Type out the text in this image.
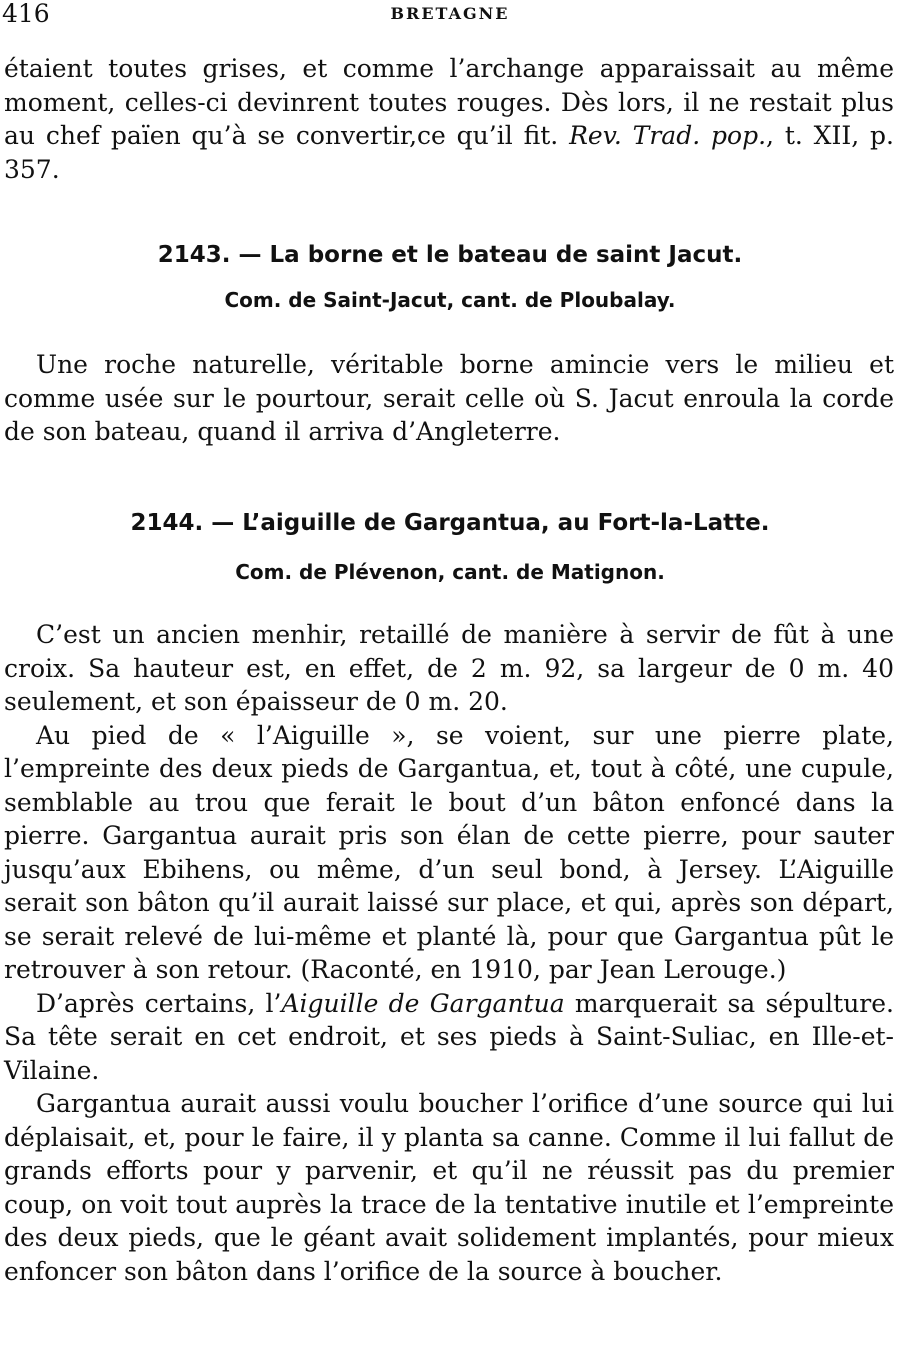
416	BRETAGNE

étaient toutes grises, et comme l’archange apparaissait au même moment, celles-ci devinrent toutes rouges. Dès lors, il ne restait plus au chef païen qu’à se convertir,ce qu’il fit. Rev. Trad. pop., t. XII, p. 357.

2143. — La borne et le bateau de saint Jacut.
Com. de Saint-Jacut, cant. de Ploubalay.

Une roche naturelle, véritable borne amincie vers le milieu et comme usée sur le pourtour, serait celle où S. Jacut enroula la corde de son bateau, quand il arriva d’Angleterre.

2144. — L’aiguille de Gargantua, au Fort-la-Latte.
Com. de Plévenon, cant. de Matignon.

C’est un ancien menhir, retaillé de manière à servir de fût à une croix. Sa hauteur est, en effet, de 2 m. 92, sa largeur de 0 m. 40 seulement, et son épaisseur de 0 m. 20.

Au pied de « l’Aiguille », se voient, sur une pierre plate, l’empreinte des deux pieds de Gargantua, et, tout à côté, une cupule, semblable au trou que ferait le bout d’un bâton enfoncé dans la pierre. Gargantua aurait pris son élan de cette pierre, pour sauter jusqu’aux Ebihens, ou même, d’un seul bond, à Jersey. L’Aiguille serait son bâton qu’il aurait laissé sur place, et qui, après son départ, se serait relevé de lui-même et planté là, pour que Gargantua pût le retrouver à son retour. (Raconté, en 1910, par Jean Lerouge.)

D’après certains, l’Aiguille de Gargantua marquerait sa sépulture. Sa tête serait en cet endroit, et ses pieds à Saint-Suliac, en Ille-et-Vilaine.

Gargantua aurait aussi voulu boucher l’orifice d’une source qui lui déplaisait, et, pour le faire, il y planta sa canne. Comme il lui fallut de grands efforts pour y parvenir, et qu’il ne réussit pas du premier coup, on voit tout auprès la trace de la tentative inutile et l’empreinte des deux pieds, que le géant avait solidement implantés, pour mieux enfoncer son bâton dans l’orifice de la source à boucher.
